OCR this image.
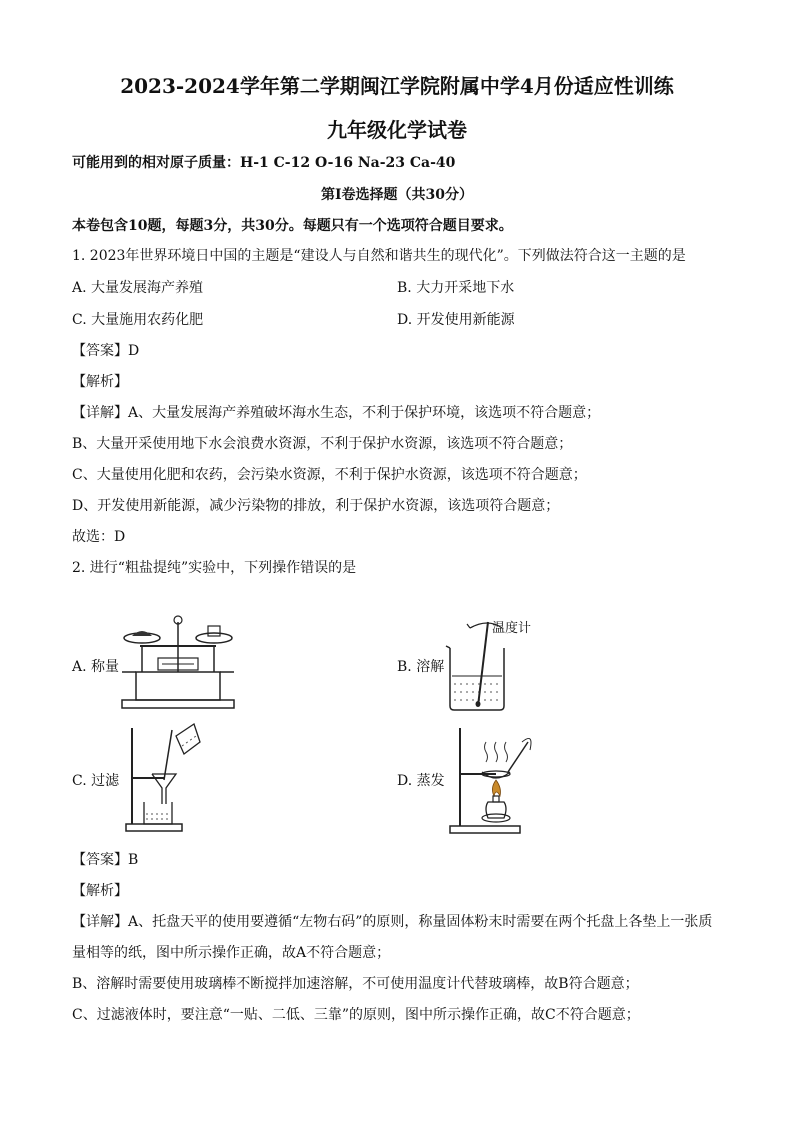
2023-2024学年第二学期闽江学院附属中学4月份适应性训练
九年级化学试卷
可能用到的相对原子质量：H-1 C-12 O-16 Na-23 Ca-40
第Ⅰ卷选择题（共30分）
本卷包含10题，每题3分，共30分。每题只有一个选项符合题目要求。
1. 2023年世界环境日中国的主题是“建设人与自然和谐共生的现代化”。下列做法符合这一主题的是
A. 大量发展海产养殖	B. 大力开采地下水
C. 大量施用农药化肥	D. 开发使用新能源
【答案】D
【解析】
【详解】A、大量发展海产养殖破坏海水生态，不利于保护环境，该选项不符合题意；
B、大量开采使用地下水会浪费水资源，不利于保护水资源，该选项不符合题意；
C、大量使用化肥和农药，会污染水资源，不利于保护水资源，该选项不符合题意；
D、开发使用新能源，减少污染物的排放，利于保护水资源，该选项符合题意；
故选：D
2. 进行“粗盐提纯”实验中，下列操作错误的是
A. 称量	B. 溶解
温度计
C. 过滤	D. 蒸发
【答案】B
【解析】
【详解】A、托盘天平的使用要遵循“左物右码”的原则，称量固体粉末时需要在两个托盘上各垫上一张质
量相等的纸，图中所示操作正确，故A不符合题意；
B、溶解时需要使用玻璃棒不断搅拌加速溶解，不可使用温度计代替玻璃棒，故B符合题意；
C、过滤液体时，要注意“一贴、二低、三靠”的原则，图中所示操作正确，故C不符合题意；
